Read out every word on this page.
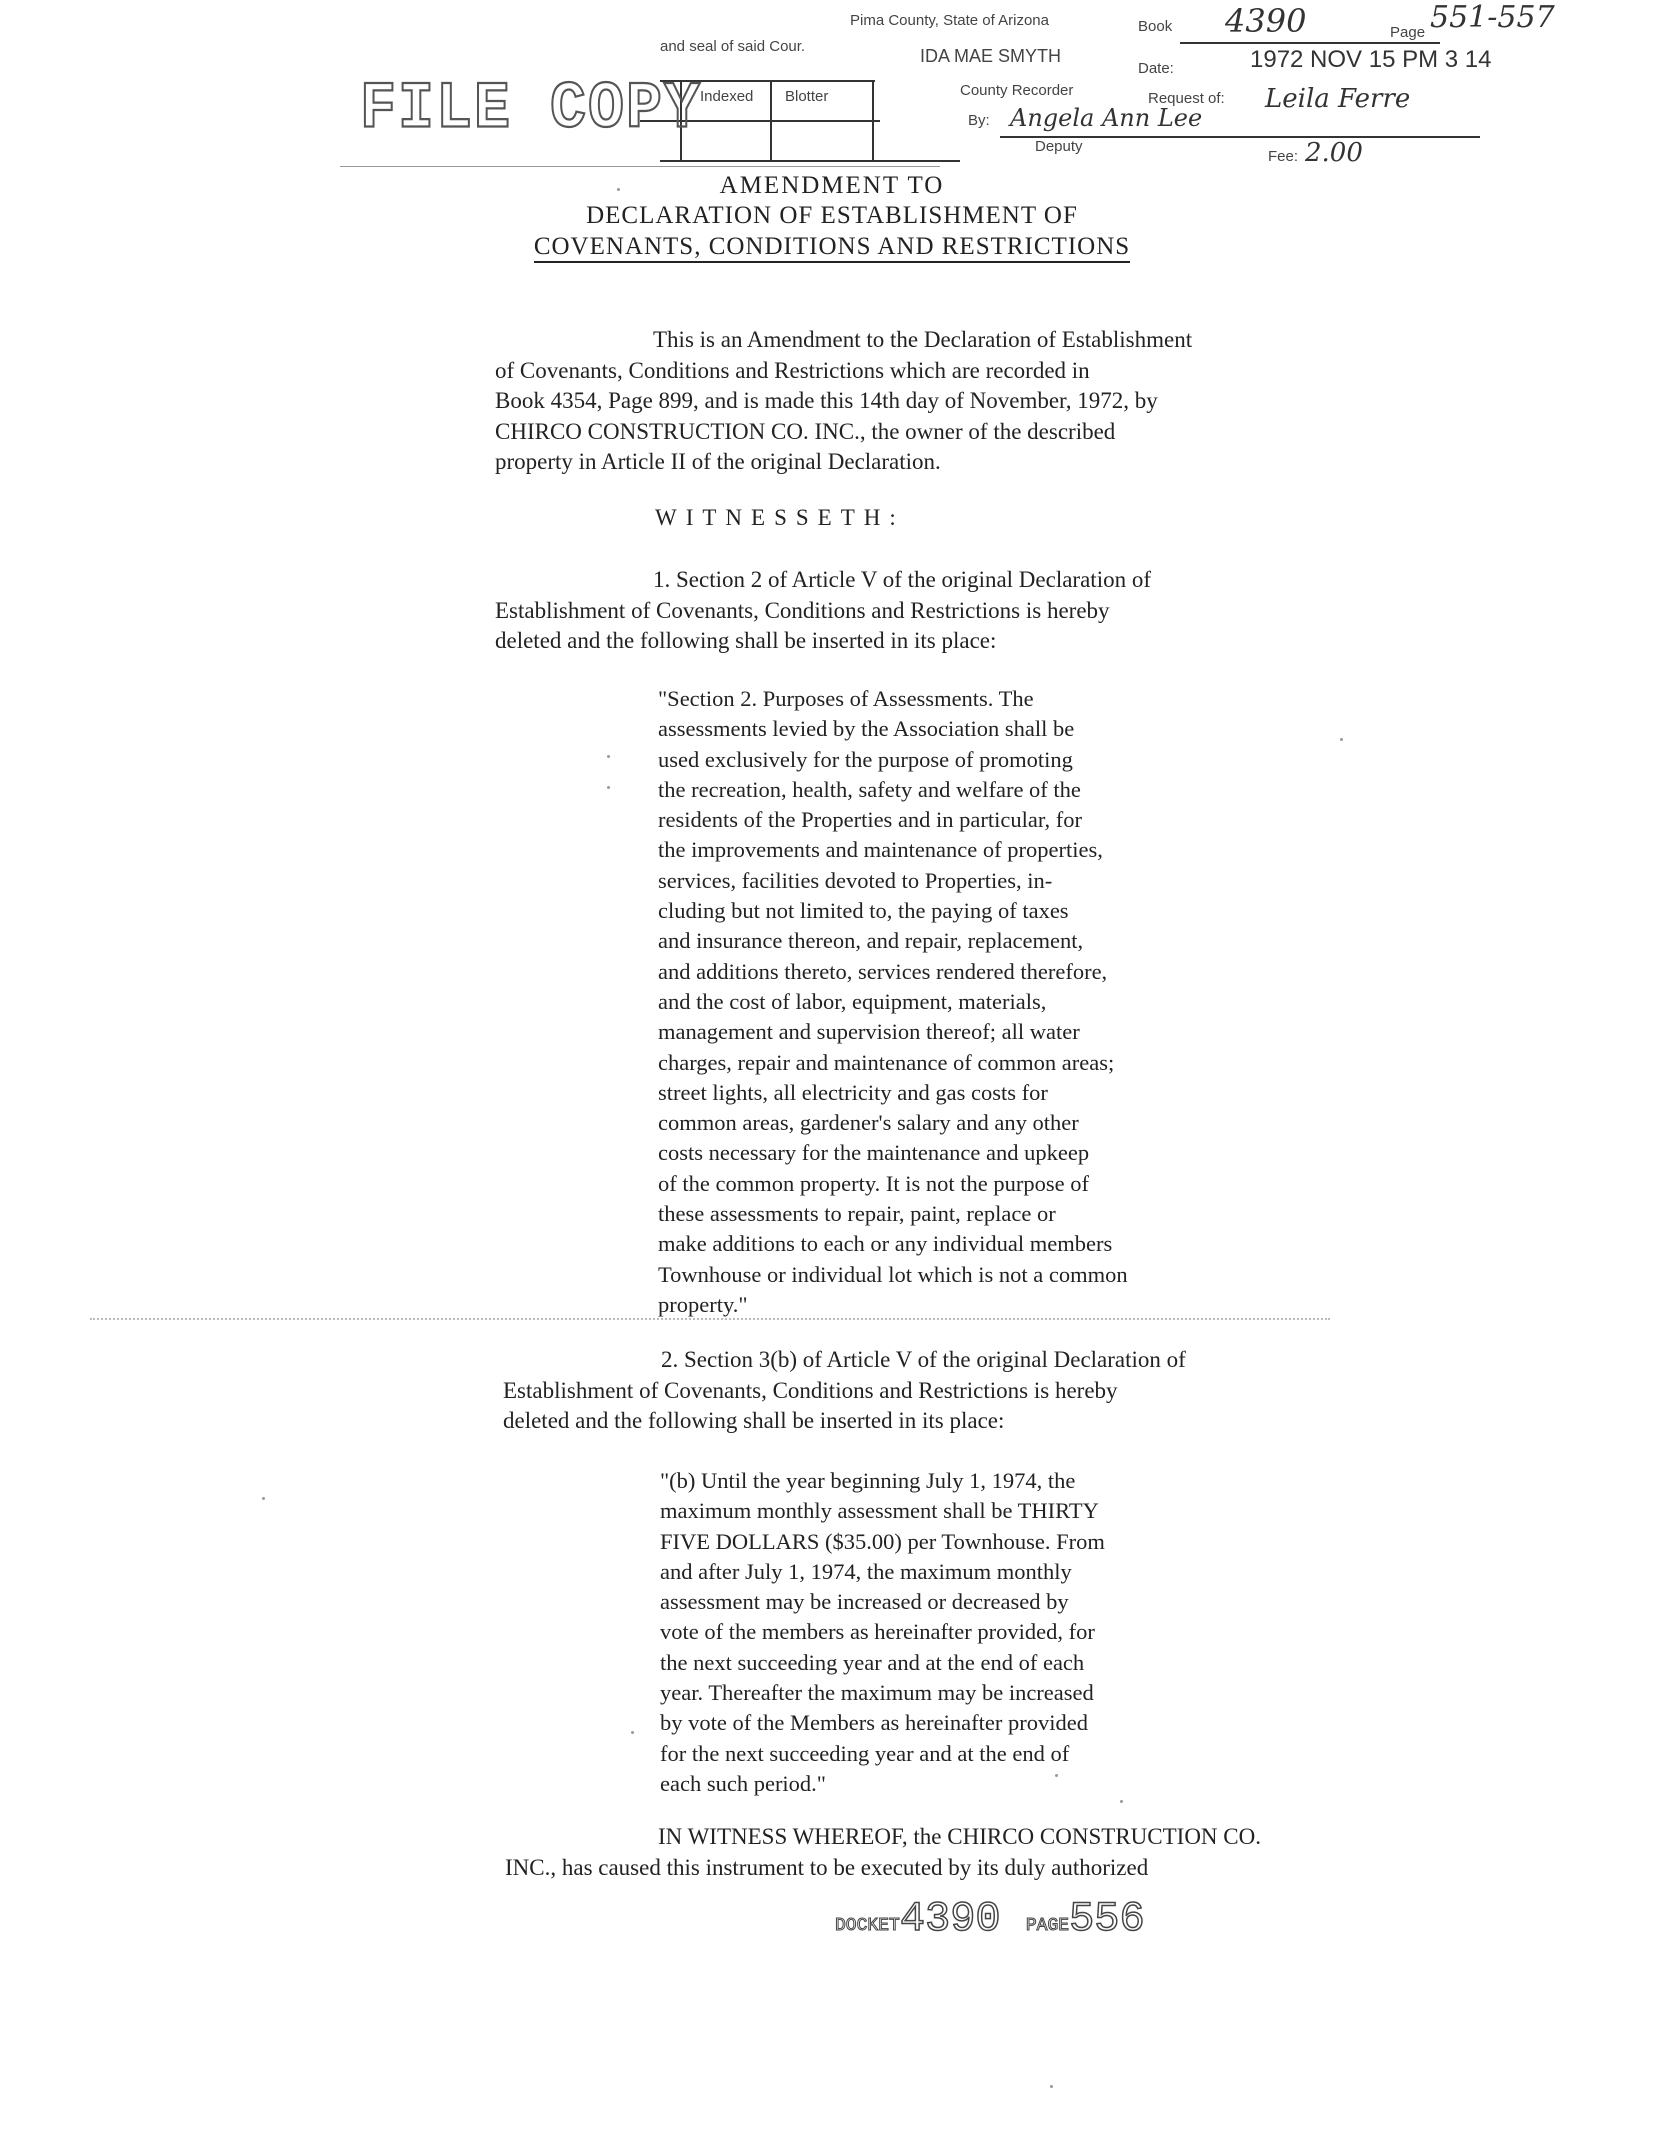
Pima County, State of Arizona
and seal of said Cour.	IDA MAE SMYTH
County Recorder
Deputy
By: Angela Ann Lee
Book 4390	Page 551-557
Date:	1972 NOV 15 PM 3 14
Request of: Leila Ferre
Fee: 2.00
Indexed Blotter
FILE COPY
AMENDMENT TO
DECLARATION OF ESTABLISHMENT OF
COVENANTS, CONDITIONS AND RESTRICTIONS

This is an Amendment to the Declaration of Establishment

of Covenants, Conditions and Restrictions which are recorded in

Book 4354, Page 899, and is made this 14th day of November, 1972, by

CHIRCO CONSTRUCTION CO. INC., the owner of the described

property in Article II of the original Declaration.

WITNESSETH:

1. Section 2 of Article V of the original Declaration of

Establishment of Covenants, Conditions and Restrictions is hereby

deleted and the following shall be inserted in its place:

"Section 2. Purposes of Assessments. The
assessments levied by the Association shall be
used exclusively for the purpose of promoting
the recreation, health, safety and welfare of the
residents of the Properties and in particular, for
the improvements and maintenance of properties,
services, facilities devoted to Properties, in-
cluding but not limited to, the paying of taxes
and insurance thereon, and repair, replacement,
and additions thereto, services rendered therefore,
and the cost of labor, equipment, materials,
management and supervision thereof; all water
charges, repair and maintenance of common areas;
street lights, all electricity and gas costs for
common areas, gardener's salary and any other
costs necessary for the maintenance and upkeep
of the common property. It is not the purpose of
these assessments to repair, paint, replace or
make additions to each or any individual members
Townhouse or individual lot which is not a common
property."

2. Section 3(b) of Article V of the original Declaration of

Establishment of Covenants, Conditions and Restrictions is hereby

deleted and the following shall be inserted in its place:

"(b) Until the year beginning July 1, 1974, the
maximum monthly assessment shall be THIRTY
FIVE DOLLARS ($35.00) per Townhouse. From
and after July 1, 1974, the maximum monthly
assessment may be increased or decreased by
vote of the members as hereinafter provided, for
the next succeeding year and at the end of each
year. Thereafter the maximum may be increased
by vote of the Members as hereinafter provided
for the next succeeding year and at the end of
each such period."

IN WITNESS WHEREOF, the CHIRCO CONSTRUCTION CO.

INC., has caused this instrument to be executed by its duly authorized

DOCKET4390 PAGE556
